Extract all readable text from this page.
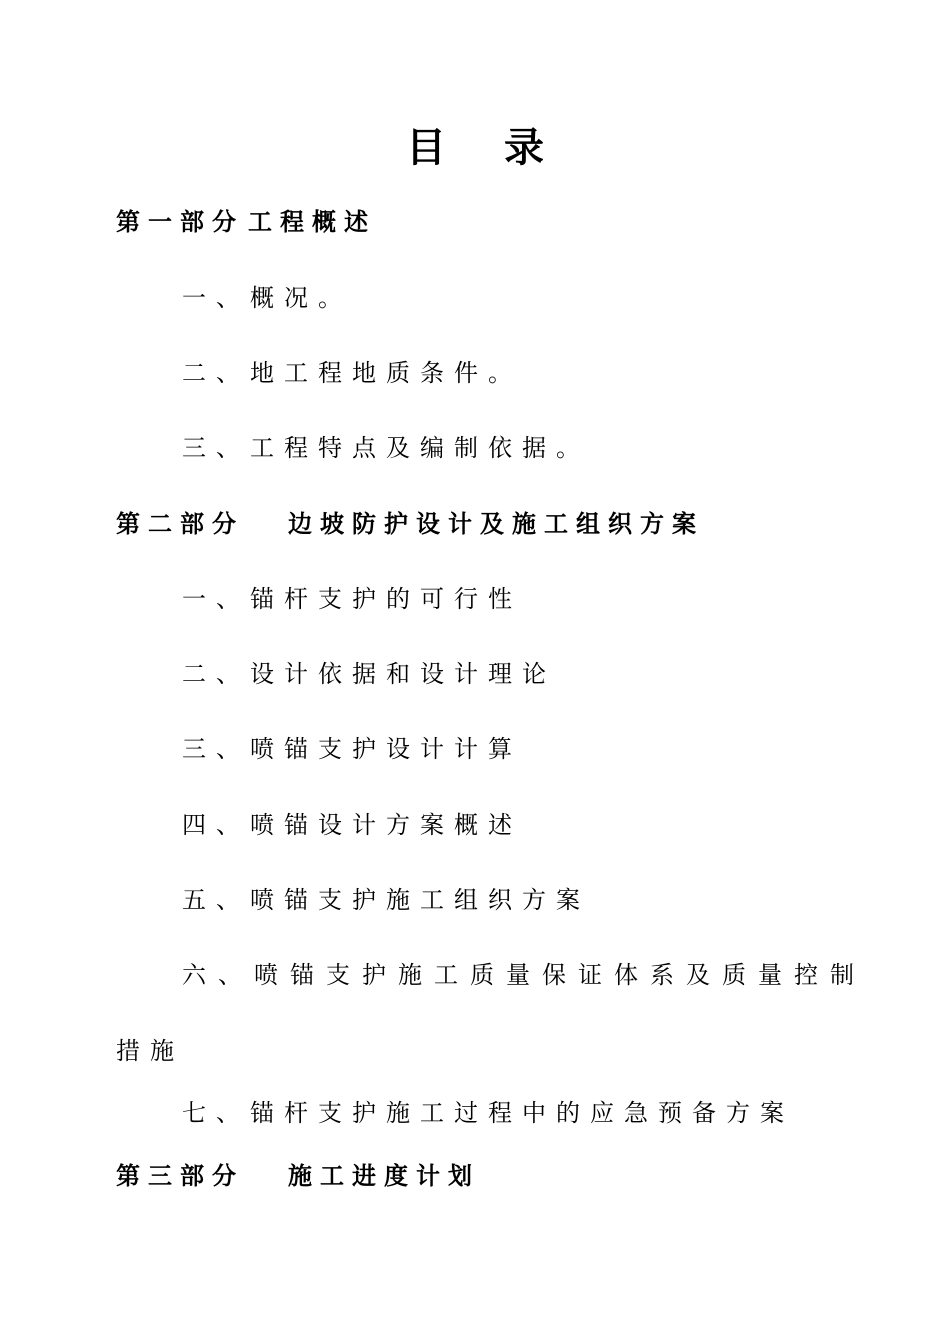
目 录
第一部分 工程概述
一、概况。
二、地工程地质条件。
三、工程特点及编制依据。
第二部分 边坡防护设计及施工组织方案
一、锚杆支护的可行性
二、设计依据和设计理论
三、喷锚支护设计计算
四、喷锚设计方案概述
五、喷锚支护施工组织方案
六、喷锚支护施工质量保证体系及质量控制
措施
七、锚杆支护施工过程中的应急预备方案
第三部分 施工进度计划
